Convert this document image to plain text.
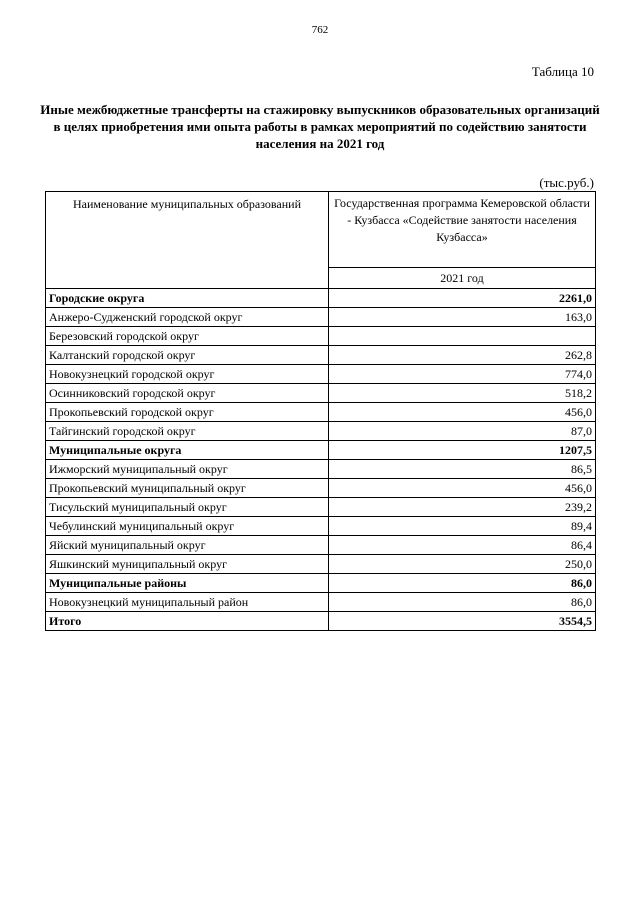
762
Таблица 10
Иные межбюджетные трансферты на стажировку выпускников образовательных организаций в целях приобретения ими опыта работы в рамках мероприятий по содействию занятости населения на 2021 год
(тыс.руб.)
Наименование муниципальных образований	Государственная программа Кемеровской области - Кузбасса «Содействие занятости населения Кузбасса»
	2021 год
Городские округа	2261,0
Анжеро-Судженский городской округ	163,0
Березовский городской округ	
Калтанский городской округ	262,8
Новокузнецкий городской округ	774,0
Осинниковский городской округ	518,2
Прокопьевский городской округ	456,0
Тайгинский городской округ	87,0
Муниципальные округа	1207,5
Ижморский муниципальный округ	86,5
Прокопьевский муниципальный округ	456,0
Тисульский муниципальный округ	239,2
Чебулинский муниципальный округ	89,4
Яйский муниципальный округ	86,4
Яшкинский муниципальный округ	250,0
Муниципальные районы	86,0
Новокузнецкий муниципальный район	86,0
Итого	3554,5
